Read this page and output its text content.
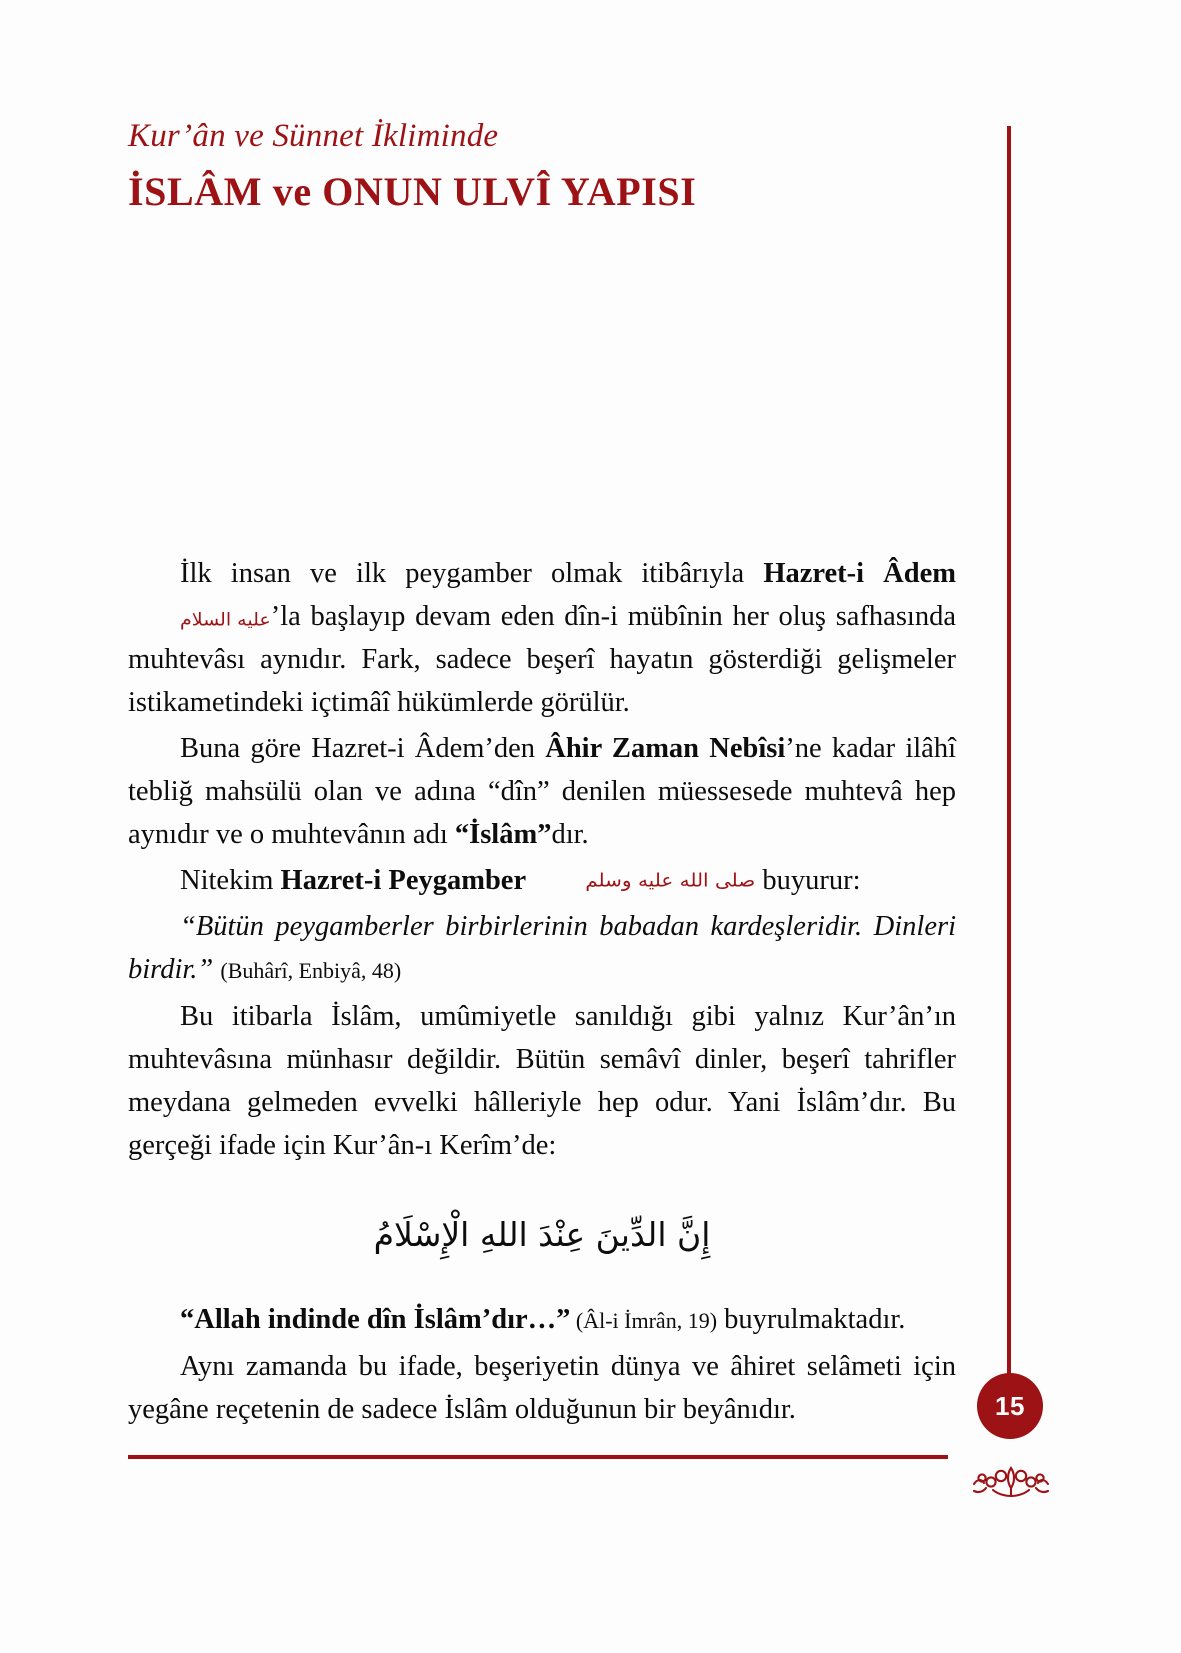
Kur’ân ve Sünnet İkliminde
İSLÂM ve ONUN ULVÎ YAPISI

İlk insan ve ilk peygamber olmak itibârıyla Hazret-i Âdemعليه السلام’la başlayıp devam eden dîn-i mübînin her oluş safhasında muhtevâsı aynıdır. Fark, sadece beşerî hayatın gösterdiği gelişmeler istikametindeki içtimâî hükümlerde görülür.

Buna göre Hazret-i Âdem’den Âhir Zaman Nebîsi’ne kadar ilâhî tebliğ mahsülü olan ve adına “dîn” denilen müessesede muhtevâ hep aynıdır ve o muhtevânın adı “İslâm”dır.

Nitekim Hazret-i Peygamber	صلى الله عليه وسلم buyurur:

“Bütün peygamberler birbirlerinin babadan kardeşleridir. Dinleri birdir.” (Buhârî, Enbiyâ, 48)

Bu itibarla İslâm, umûmiyetle sanıldığı gibi yalnız Kur’ân’ın muhtevâsına münhasır değildir. Bütün semâvî dinler, beşerî tahrifler meydana gelmeden evvelki hâlleriyle hep odur. Yani İslâm’dır. Bu gerçeği ifade için Kur’ân-ı Kerîm’de:

إِنَّ الدِّينَ عِنْدَ اللهِ الْإِسْلَامُ

“Allah indinde dîn İslâm’dır…” (Âl-i İmrân, 19) buyrulmaktadır.

Aynı zamanda bu ifade, beşeriyetin dünya ve âhiret selâmeti için yegâne reçetenin de sadece İslâm olduğunun bir beyânıdır.	15
